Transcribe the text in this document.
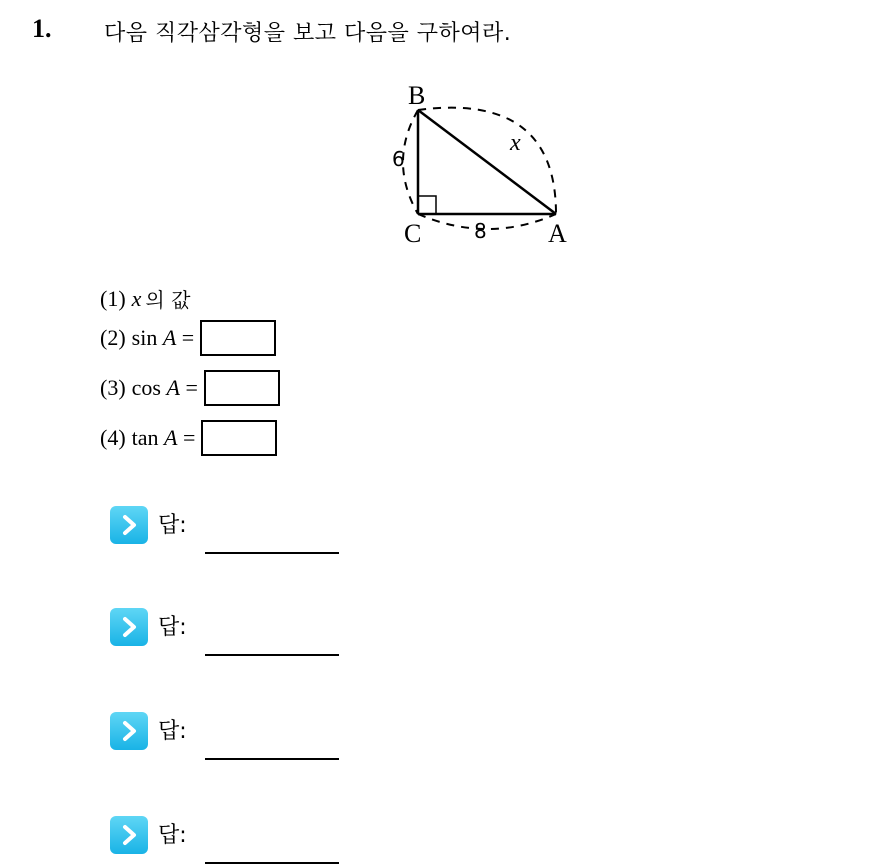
1. 다음 직각삼각형을 보고 다음을 구하여라.
B
C	A
6
8
x
(1) x 의 값
(2) sin
A
=
(3) cos
A
=
(4) tan
A
=
답:
답:
답:
답:
